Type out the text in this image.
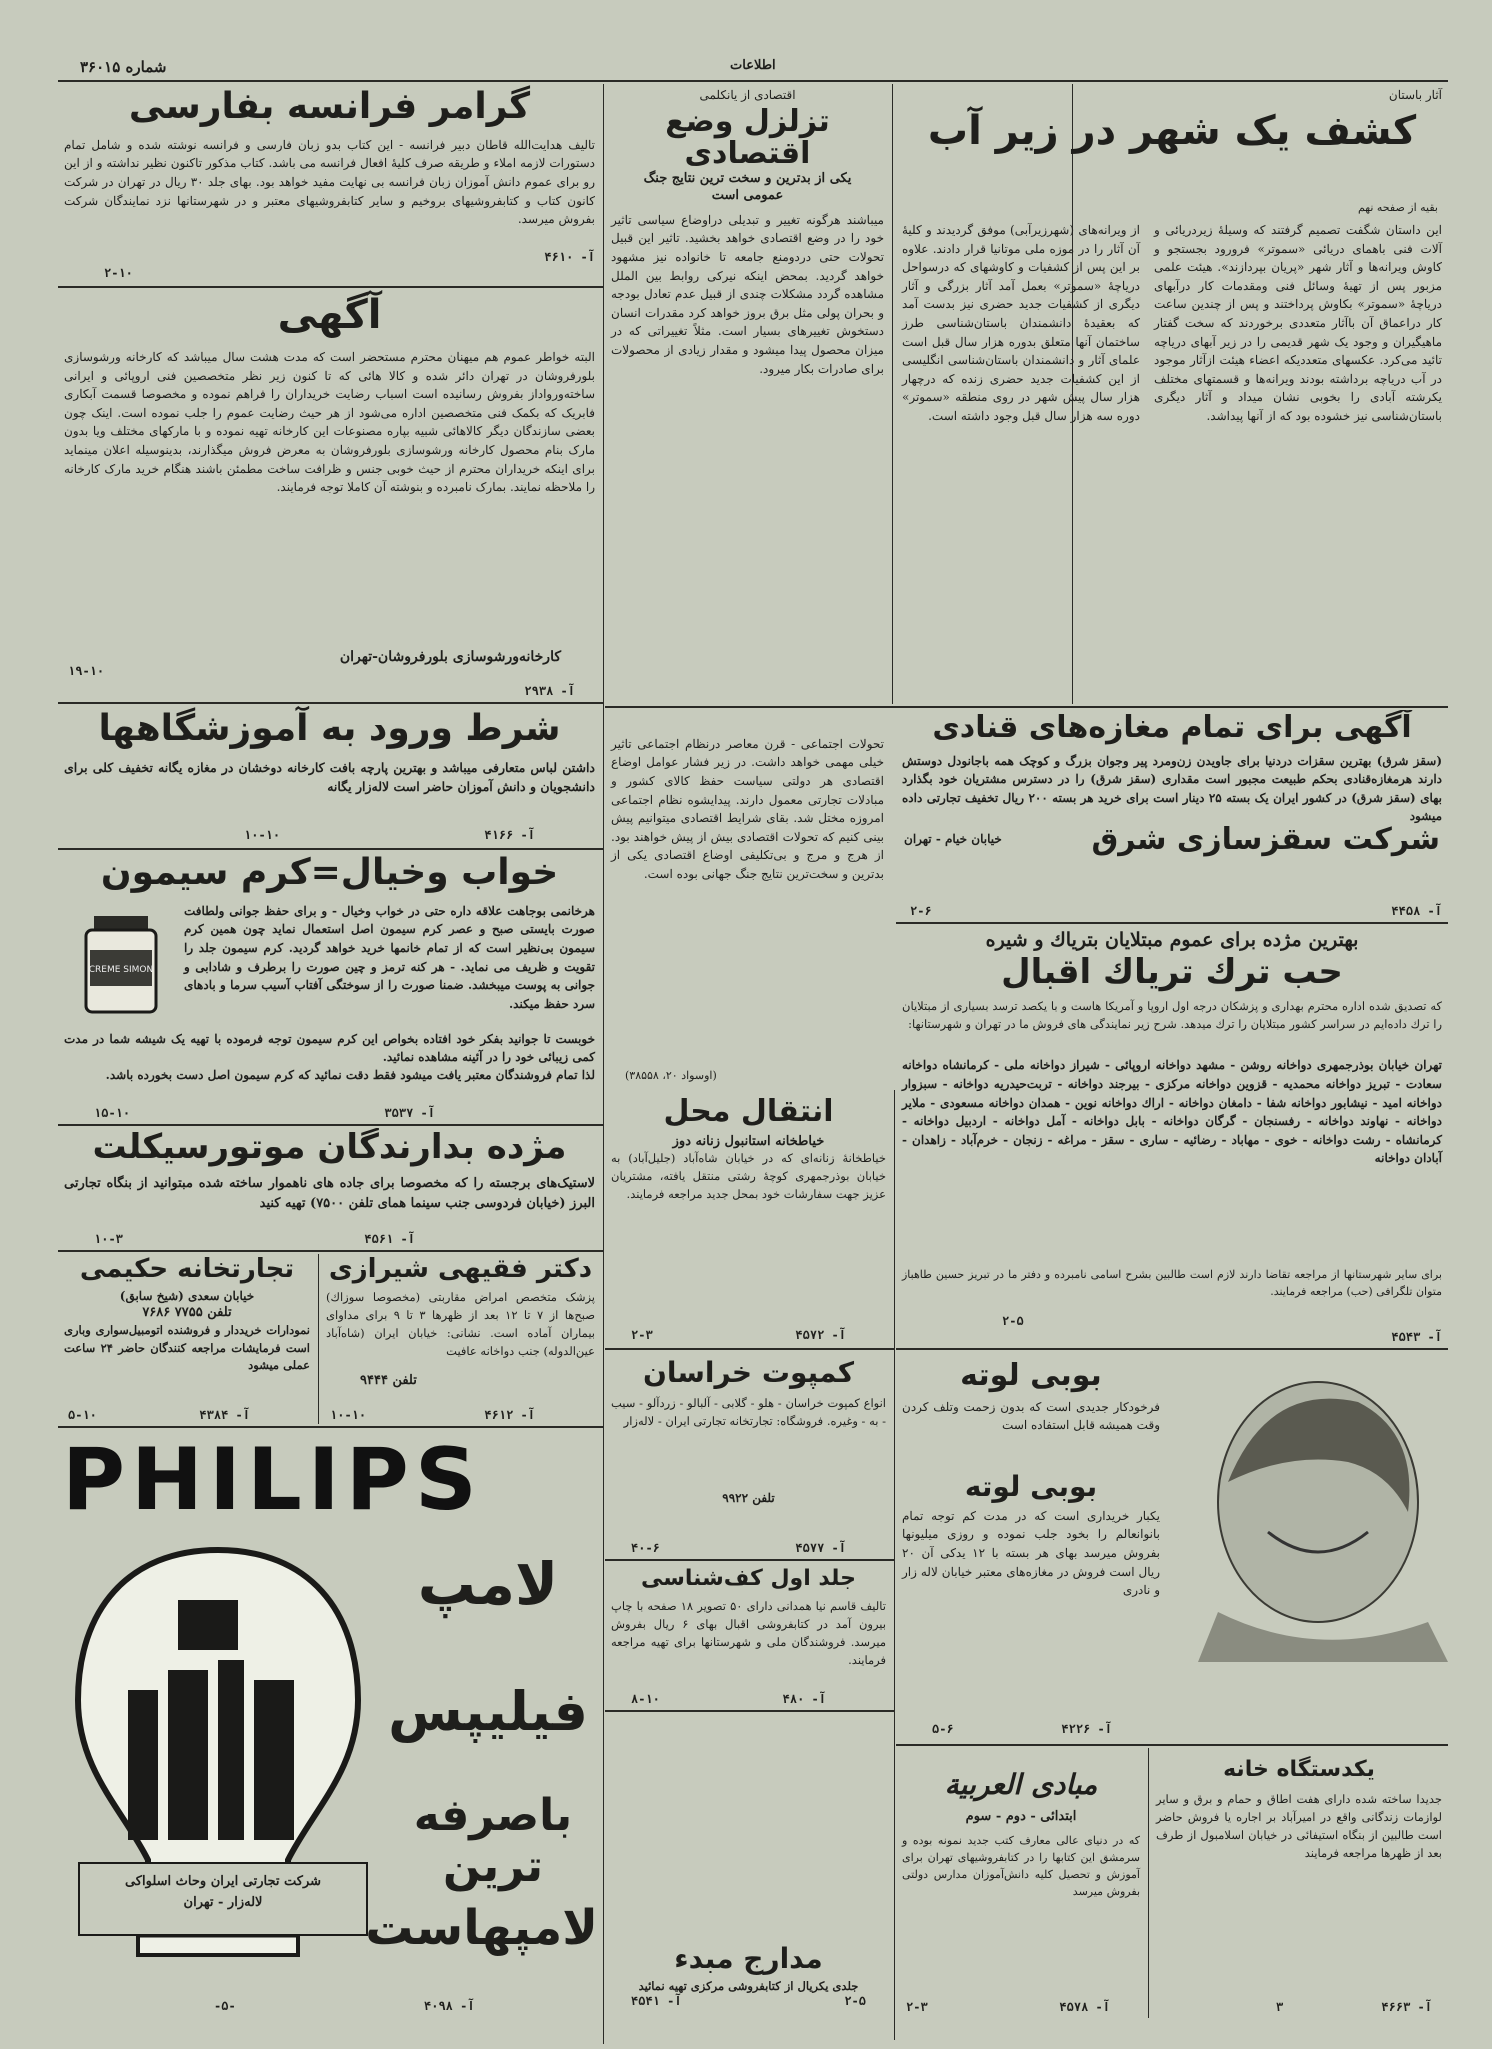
شماره ۳۶۰۱۵	اطلاعات
آثار باستان
کشف یک شهر در زیر آب
بقیه از صفحه نهم
این داستان شگفت تصمیم گرفتند که وسیلهٔ زیردریائی و آلات فنی باهمای دریائی «سموتر» فرورود بجستجو و کاوش ویرانه‌ها و آثار شهر «پریان بپردازند». هیئت علمی مزبور پس از تهیهٔ وسائل فنی ومقدمات کار درآبهای دریاچهٔ «سموتر» بکاوش پرداختند و پس از چندین ساعت کار دراعماق آن باآثار متعددی برخوردند که سخت گفتار ماهیگیران و وجود یک شهر قدیمی را در زیر آبهای دریاچه تائید می‌کرد. عکسهای متعددیکه اعضاء هیئت ازآثار موجود در آب دریاچه برداشته بودند ویرانه‌ها و قسمتهای مختلف یکرشته آبادی را بخوبی نشان میداد و آثار دیگری باستان‌شناسی نیز خشوده بود که از آنها پیداشد.
از ویرانه‌های (شهرزیرآبی) موفق گردیدند و کلیهٔ آن آثار را در موزه ملی موتانیا قرار دادند. علاوه بر این پس از کشفیات و کاوشهای که درسواحل دریاچهٔ «سموتر» بعمل آمد آثار بزرگی و آثار دیگری از کشفیات جدید حضری نیز بدست آمد که بعقیدهٔ دانشمندان باستان‌شناسی طرز ساختمان آنها متعلق بدوره هزار سال قبل است علمای آثار و دانشمندان باستان‌شناسی انگلیسی از این کشفیات جدید حضری زنده که درچهار هزار سال پیش شهر در روی منطقه «سموتر» دوره سه هزار سال قبل وجود داشته است.
اقتصادی از یانکلمی
تزلزل وضع اقتصادی
یکی از بدترین و سخت ترین نتایج جنگ عمومی است
میباشند هرگونه تغییر و تبدیلی دراوضاع سیاسی تاثیر خود را در وضع اقتصادی خواهد بخشید. تاثیر این قبیل تحولات حتی دردومنع جامعه تا خانواده نیز مشهود خواهد گردید. بمحض اینکه نیرکی روابط بین الملل مشاهده گردد مشکلات چندی از قبیل عدم تعادل بودجه و بحران پولی مثل برق بروز خواهد کرد مقدرات انسان دستخوش تغییرهای بسیار است. مثلاً تغییراتی که در میزان محصول پیدا میشود و مقدار زیادی از محصولات برای صادرات بکار میرود.
تحولات اجتماعی - قرن معاصر درنظام اجتماعی تاثیر خیلی مهمی خواهد داشت. در زیر فشار عوامل اوضاع اقتصادی هر دولتی سیاست حفظ کالای کشور و مبادلات تجارتی معمول دارند. پیدایشوه نظام اجتماعی امروزه مختل شد. بقای شرایط اقتصادی میتوانیم پیش بینی کنیم که تحولات اقتصادی بیش از پیش خواهند بود. از هرج و مرج و بی‌تکلیفی اوضاع اقتصادی یکی از بدترین و سخت‌ترین نتایج جنگ جهانی بوده است.
(اوسواد ۲۰، ۳۸۵۵۸)
گرامر فرانسه بفارسی
تالیف هدایت‌الله قاطان دبیر فرانسه - این کتاب بدو زبان فارسی و فرانسه نوشته شده و شامل تمام دستورات لازمه املاء و طریقه صرف کلیهٔ افعال فرانسه می باشد. کتاب مذکور تاکنون نظیر نداشته و از این رو برای عموم دانش آموزان زبان فرانسه بی نهایت مفید خواهد بود. بهای جلد ۳۰ ریال در تهران در شرکت کانون کتاب و کتابفروشیهای بروخیم و سایر کتابفروشیهای معتبر و در شهرستانها نزد نمایندگان شرکت بفروش میرسد.
آ- ۴۶۱۰
۲-۱۰
آگهی
البته خواطر عموم هم میهنان محترم مستحضر است که مدت هشت سال میباشد که کارخانه ورشوسازی بلورفروشان در تهران دائر شده و کالا هائی که تا کنون زیر نظر متخصصین فنی اروپائی و ایرانی ساخته‌ورواداز بفروش رسانیده است اسباب رضایت خریداران را فراهم نموده و مخصوصا قسمت آبکاری فابریک که بکمک فنی متخصصین اداره می‌شود از هر حیث رضایت عموم را جلب نموده است. اینک چون بعضی سازندگان دیگر کالاهائی شبیه بپاره مصنوعات این کارخانه تهیه نموده و با مارکهای مختلف ویا بدون مارک بنام محصول کارخانه ورشوسازی بلورفروشان به معرض فروش میگذارند، بدینوسیله اعلان مینماید برای اینکه خریداران محترم از حیث خوبی جنس و ظرافت ساخت مطمئن باشند هنگام خرید مارک کارخانه را ملاحظه نمایند. بمارک نامبرده و بنوشته آن کاملا توجه فرمایند.
کارخانه‌ورشوسازی بلورفروشان-تهران
آ- ۲۹۳۸
۱۹-۱۰
شرط ورود به آموزشگاهها
داشتن لباس متعارفی میباشد و بهترین پارچه بافت کارخانه دوخشان در مغازه یگانه تخفیف کلی برای دانشجویان و دانش آموزان حاضر است لاله‌زار یگانه
آ- ۴۱۶۶
۱۰-۱۰
خواب وخیال=کرم سیمون
CREME SIMON
هرخانمی بوجاهت علاقه داره حتی در خواب وخیال - و برای حفظ جوانی ولطافت صورت بایستی صبح و عصر کرم سیمون اصل استعمال نماید چون همین کرم سیمون بی‌نظیر است که از تمام خانمها خرید خواهد گردید. کرم سیمون جلد را تقویت و ظریف می نماید. - هر کنه ترمز و چین صورت را برطرف و شادابی و جوانی به پوست میبخشد. ضمنا صورت را از سوختگی آفتاب آسیب سرما و بادهای سرد حفظ میکند.
خوبست تا جوانید بفکر خود افتاده بخواص این کرم سیمون توجه فرموده با تهیه یک شیشه شما در مدت کمی زیبائی خود را در آئینه مشاهده نمائید.
لذا تمام فروشندگان معتبر یافت میشود فقط دقت نمائید که کرم سیمون اصل دست بخورده باشد.
آ- ۳۵۳۷
۱۵-۱۰
مژده بدارندگان موتورسیکلت
لاستیک‌های برجسته را که مخصوصا برای جاده های ناهموار ساخته شده مبتوانید از بنگاه تجارتی البرز (خیابان فردوسی جنب سینما همای تلفن ۷۵۰۰) تهیه کنید
آ- ۴۵۶۱
۱۰-۳
تجارتخانه حکیمی
خیابان سعدی (شیخ سابق)
تلفن ۷۷۵۵ ۷۶۸۶
نمودارات خرید‌دار و فروشنده اتومبیل‌سواری وباری است فرمایشات مراجعه کنندگان حاضر ۲۴ ساعت عملی میشود
آ- ۴۳۸۴
۵-۱۰
دکتر فقیهی شیرازی
پزشک متخصص امراض مقاربتی (مخصوصا سوزاك) صبح‌ها از ۷ تا ۱۲ بعد از ظهرها ۳ تا ۹ برای مداوای بیماران آماده است. نشانی: خیابان ایران (شاه‌آباد عین‌الدوله) جنب دواخانه عافیت
تلفن ۹۴۴۴
آ- ۴۶۱۲
۱۰-۱۰
PHILIPS
شرکت تجارتی ایران وحاث اسلواکی
لاله‌زار - تهران
لامپ
فیلیپس
باصرفه ترین
لامپهاست
آ- ۴۰۹۸
-۵-
آگهی برای تمام مغازه‌های قنادی
(سقز شرق) بهترین سقزات دردنیا برای جاویدن زن‌ومرد پیر وجوان بزرگ و کوچک همه باجانودل دوستش دارند هرمغازه‌قنادی بحکم طبیعت مجبور است مقداری (سقز شرق) را در دسترس مشتریان خود بگذارد بهای (سقز شرق) در کشور ایران یک بسته ۲۵ دینار است برای خرید هر بسته ۲۰۰ ریال تخفیف تجارتی داده میشود
شرکت سقزسازی شرق
خیابان خیام - تهران
آ- ۴۴۵۸
۲-۶
بهترین مژده برای عموم مبتلایان بتریاك و شیره
حب ترك تریاك اقبال
که تصدیق شده اداره محترم بهداری و پزشکان درجه اول اروپا و آمریکا هاست و با یکصد ترسد بسیاری از مبتلایان را ترك داده‌ایم در سراسر کشور مبتلایان را ترك میدهد. شرح زیر نمایندگی های فروش ما در تهران و شهرستانها:
تهران خیابان بوذرجمهری دواخانه روشن - مشهد دواخانه اروپائی - شیراز دواخانه ملی - کرمانشاه دواخانه سعادت - تبریز دواخانه محمدیه - قزوین دواخانه مرکزی - بیرجند دواخانه - تربت‌حیدریه دواخانه - سبزوار دواخانه امید - نیشابور دواخانه شفا - دامغان دواخانه - اراك دواخانه نوین - همدان دواخانه مسعودی - ملایر دواخانه - نهاوند دواخانه - رفسنجان - گرگان دواخانه - بابل دواخانه - آمل دواخانه - اردبیل دواخانه - کرمانشاه - رشت دواخانه - خوی - مهاباد - رضائیه - ساری - سقز - مراغه - زنجان - خرم‌آباد - زاهدان - آبادان دواخانه
برای سایر شهرستانها از مراجعه تقاضا دارند لازم است طالبین بشرح اسامی نامبرده و دفتر ما در تبریز حسین طاهباز متوان تلگرافی (حب) مراجعه فرمایند.
آ- ۴۵۴۳
۲-۵
بوبی لوته
فرخودکار جدیدی است که بدون زحمت وتلف کردن وقت همیشه قابل استفاده است
بوبی لوته
یکبار خریداری است که در مدت کم توجه تمام بانوانعالم را بخود جلب نموده و روزی میلیونها بفروش میرسد بهای هر بسته با ۱۲ یدکی آن ۲۰ ریال است فروش در مغازه‌های معتبر خیابان لاله زار و نادری
آ- ۴۲۲۶
۵-۶
انتقال محل
خیاطخانه استانبول زنانه دوز
خیاطخانهٔ زنانه‌ای که در خیابان شاه‌آباد (جلیل‌آباد) به خیابان بوذرجمهری کوچهٔ رشتی منتقل یافته، مشتریان عزیز جهت سفارشات خود بمحل جدید مراجعه فرمایند.
آ- ۴۵۷۲
۲-۳
کمپوت خراسان
انواع کمپوت خراسان - هلو - گلابی - آلبالو - زردآلو - سیب - به - وغیره. فروشگاه: تجارتخانه تجارتی ایران - لاله‌زار
تلفن ۹۹۲۲
آ- ۴۵۷۷
۴۰-۶
جلد اول کف‌شناسی
تالیف قاسم نیا همدانی دارای ۵۰ تصویر ۱۸ صفحه با چاپ بیرون آمد در کتابفروشی اقبال بهای ۶ ریال بفروش میرسد. فروشندگان ملی و شهرستانها برای تهیه مراجعه فرمایند.
آ- ۴۸۰
۸-۱۰
مدارج مبدء
جلدی یکریال از کتابفروشی مرکزی تهیه نمائید
۲-۵
آ- ۴۵۴۱
مبادی العربیة
ابتدائی - دوم - سوم
که در دنیای عالی معارف کتب جدید نمونه بوده و سرمشق این کتابها را در کتابفروشیهای تهران برای آموزش و تحصیل کلیه دانش‌آموزان مدارس دولتی بفروش میرسد
آ- ۴۵۷۸
۲-۳
یکدستگاه خانه
جدیدا ساخته شده دارای هفت اطاق و حمام و برق و سایر لوازمات زندگانی واقع در امیرآباد بر اجاره یا فروش حاضر است طالبین از بنگاه استیفائی در خیابان اسلامبول از طرف بعد از ظهرها مراجعه فرمایند
آ- ۴۶۶۳
٣
